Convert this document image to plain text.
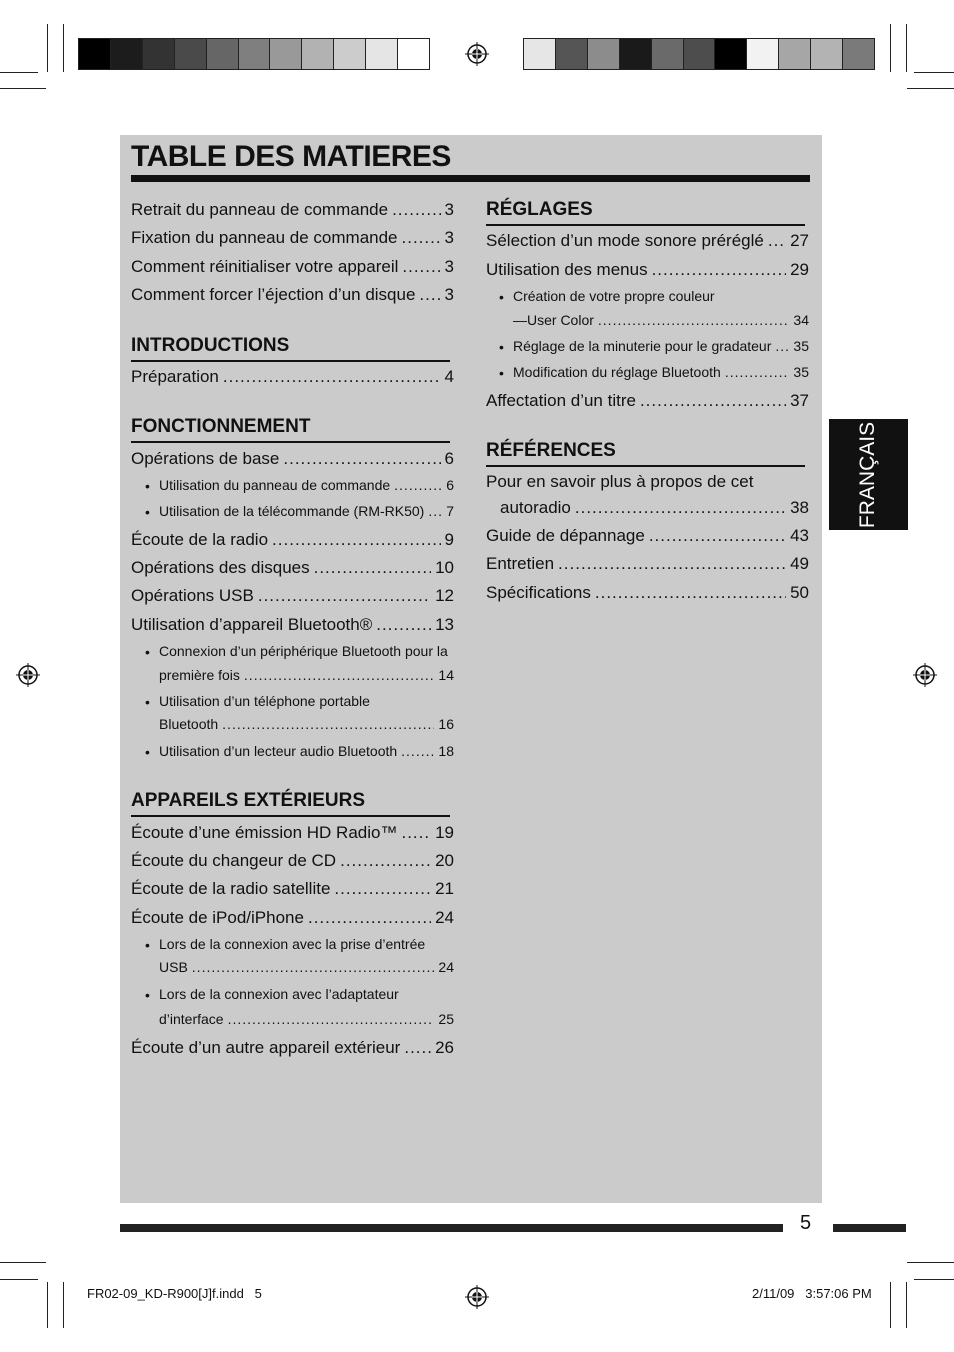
TABLE DES MATIERES
Retrait du panneau de commande .....	3
Fixation du panneau de commande .....	3
Comment réinitialiser votre appareil .....	3
Comment forcer l’éjection d’un disque ..... 3
INTRODUCTIONS
Préparation .....	4
FONCTIONNEMENT
Opérations de base .....	6
• Utilisation du panneau de commande .....	6
• Utilisation de la télécommande (RM-RK50) ..... 7
Écoute de la radio .....	9
Opérations des disques .....	10
Opérations USB .....	12
Utilisation d’appareil Bluetooth® .....	13
• Connexion d’un périphérique Bluetooth pour la
première fois .....	14
• Utilisation d’un téléphone portable
Bluetooth .....	16
• Utilisation d’un lecteur audio Bluetooth .....	18
APPAREILS EXTÉRIEURS
Écoute d’une émission HD Radio™ ..... 19
Écoute du changeur de CD .....	20
Écoute de la radio satellite .....	21
Écoute de iPod/iPhone .....	24
• Lors de la connexion avec la prise d’entrée
USB .....	24
• Lors de la connexion avec l’adaptateur
d’interface .....	25
Écoute d’un autre appareil extérieur ..... 26
RÉGLAGES
Sélection d’un mode sonore préréglé ..... 27
Utilisation des menus .....	29
• Création de votre propre couleur
—User Color .....	34
• Réglage de la minuterie pour le gradateur ..... 35
• Modification du réglage Bluetooth .....	35
Affectation d’un titre .....	37
RÉFÉRENCES
Pour en savoir plus à propos de cet
autoradio .....	38
Guide de dépannage .....	43
Entretien .....	49
Spécifications .....	50
FRANÇAIS
5
FR02-09_KD-R900[J]f.indd   5	2/11/09   3:57:06 PM
